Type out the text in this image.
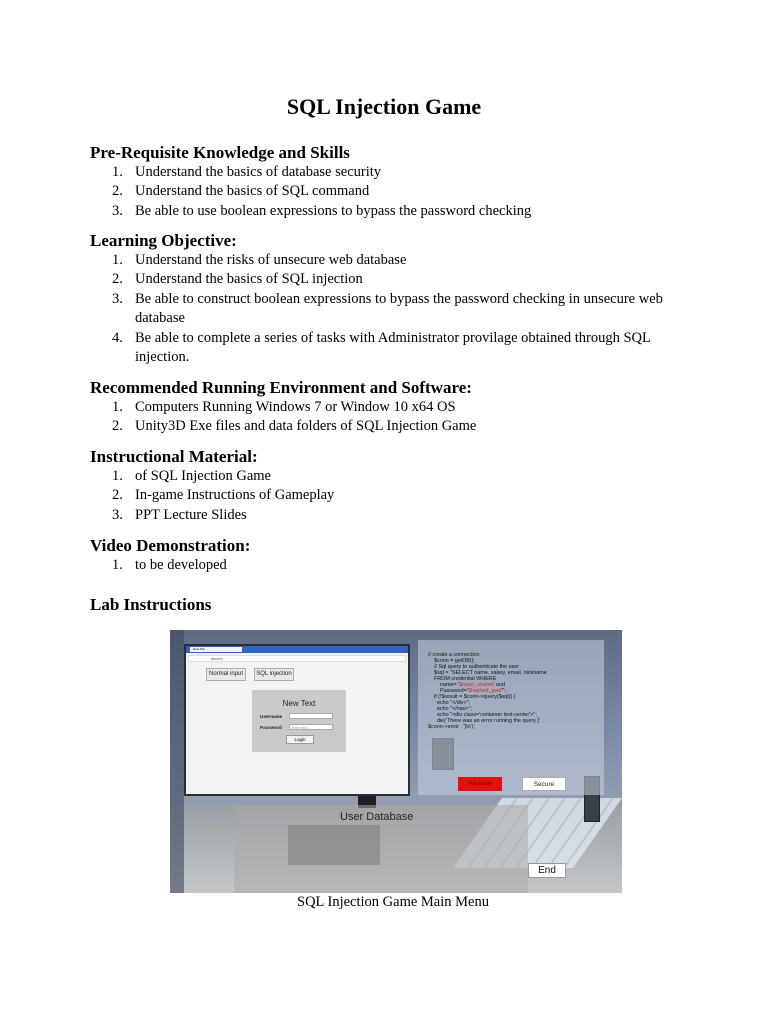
SQL Injection Game
Pre-Requisite Knowledge and Skills
1. Understand the basics of database security
2. Understand the basics of SQL command
3. Be able to use boolean expressions to bypass the password checking
Learning Objective:
1. Understand the risks of unsecure web database
2. Understand the basics of SQL injection
3. Be able to construct boolean expressions to bypass the password checking in unsecure web database
4. Be able to complete a series of tasks with Administrator provilage obtained through SQL injection.
Recommended Running Environment and Software:
1. Computers Running Windows 7 or Window 10 x64 OS
2. Unity3D Exe files and data folders of SQL Injection Game
Instructional Material:
1. of SQL Injection Game
2. In-game Instructions of Gameplay
3. PPT Lecture Slides
Video Demonstration:
1. to be developed
Lab Instructions
New Tab
about:b
Normal input	SQL injection
New Text
Username
Password	Enter text...
Login
// create a connection
$conn = getDB();
// Sql query to authenticate the user
$sql = "SELECT name, salary, email, nickname
FROM credential WHERE
name= '$input_uname' and
Password='$hashed_pwd'";
if (!$result = $conn->query($sql)) {
echo "</div>";
echo "</nav>";
echo "<div class='container text-center'>";
die('There was an error running the query [' .
$conn->error . ']\n');
Vulnerable	Secure
User Database
End
SQL Injection Game Main Menu
